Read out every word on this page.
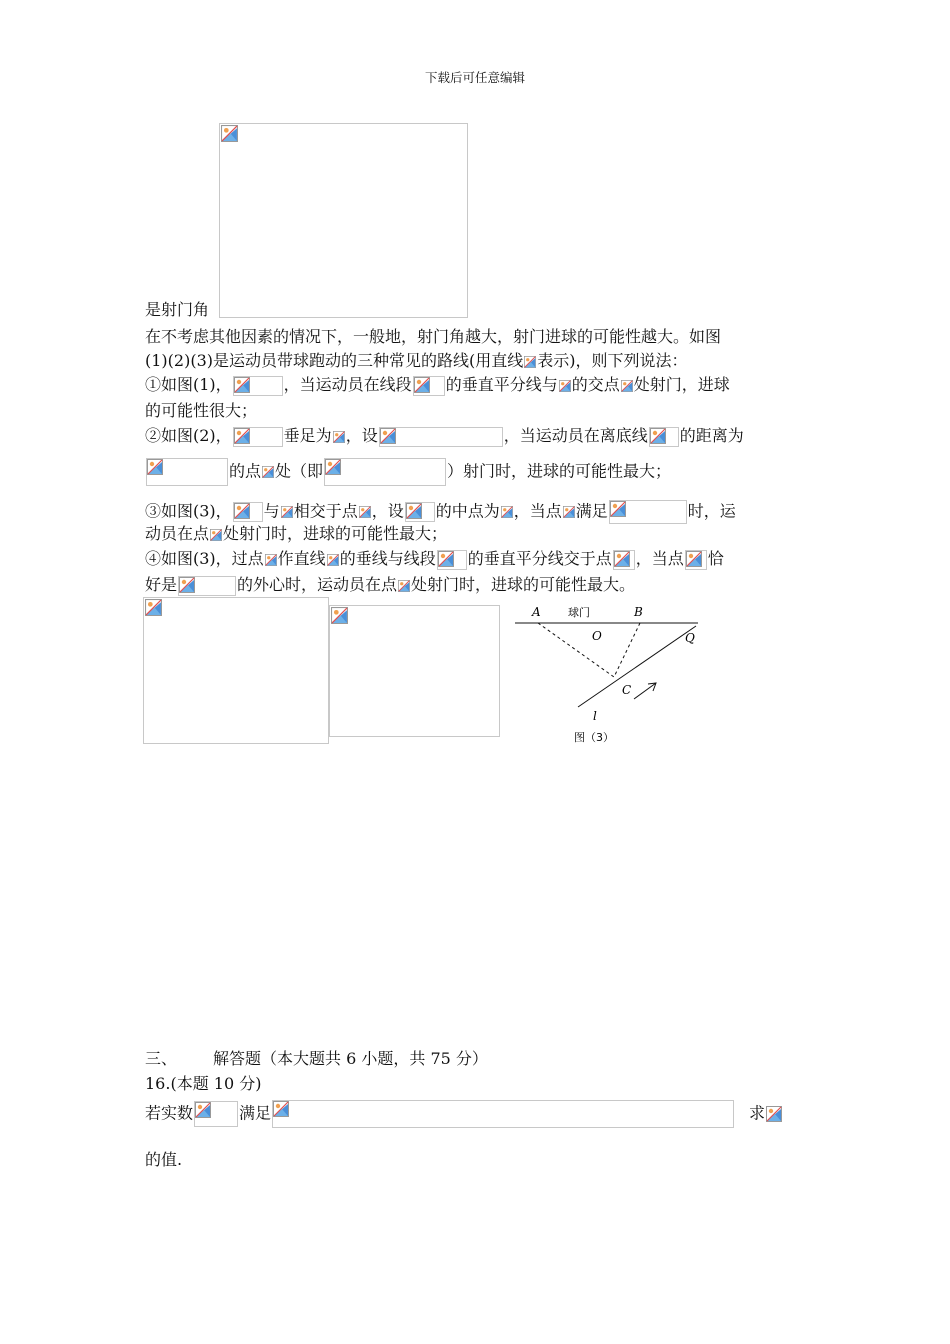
下载后可任意编辑
是射门角
在不考虑其他因素的情况下，一般地，射门角越大，射门进球的可能性越大。如图
(1)(2)(3)是运动员带球跑动的三种常见的路线(用直线 表示)，则下列说法：
①如图(1)，	，当运动员在线段 的垂直平分线与 的交点 处射门，进球
的可能性很大；
②如图(2)，	垂足为 ，设	，当运动员在离底线 的距离为
的点 处（即	）射门时，进球的可能性最大；
③如图(3)， 与 相交于点 ，设 的中点为 ，当点 满足	时，运
动员在点 处射门时，进球的可能性最大；
④如图(3)，过点 作直线 的垂线与线段 的垂直平分线交于点 ，当点 恰
好是	的外心时，运动员在点 处射门时，进球的可能性最大。
A 球门	B
O	Q
C
l
图（3）
三、 解答题（本大题共 6 小题，共 75 分）
16.(本题 10 分)
若实数	满足	求
的值.
